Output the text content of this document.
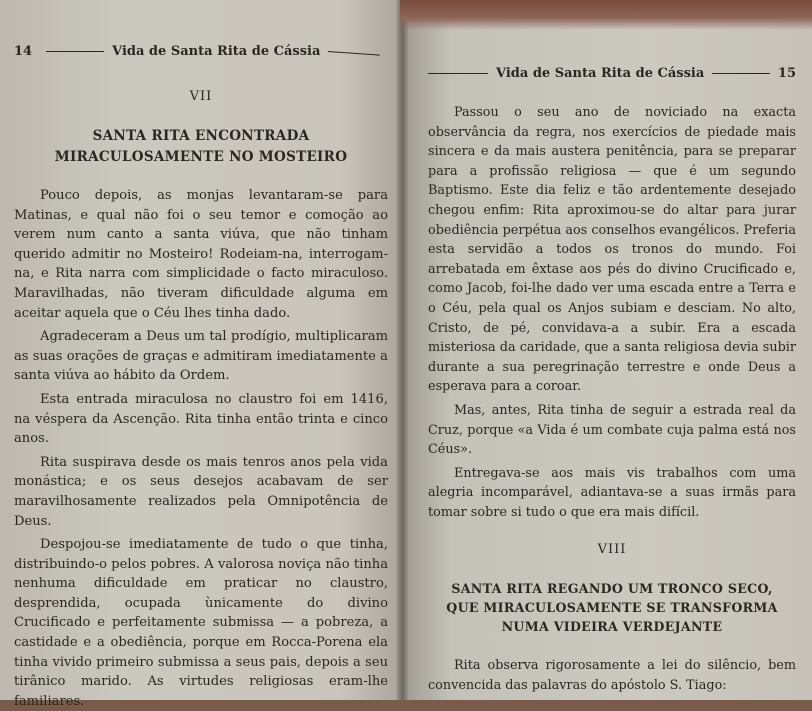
14	Vida de Santa Rita de Cássia
VII
SANTA RITA ENCONTRADA
MIRACULOSAMENTE NO MOSTEIRO

Pouco depois, as monjas levantaram-se para Matinas, e qual não foi o seu temor e comoção ao verem num canto a santa viúva, que não tinham querido admitir no Mosteiro! Rodeiam-na, interrogam-na, e Rita narra com simplicidade o facto miraculoso. Maravilhadas, não tiveram dificuldade alguma em aceitar aquela que o Céu lhes tinha dado.

Agradeceram a Deus um tal prodígio, multiplicaram as suas orações de graças e admitiram imediatamente a santa viúva ao hábito da Ordem.

Esta entrada miraculosa no claustro foi em 1416, na véspera da Ascenção. Rita tinha então trinta e cinco anos.

Rita suspirava desde os mais tenros anos pela vida monástica; e os seus desejos acabavam de ser maravilhosamente realizados pela Omnipotência de Deus.

Despojou-se imediatamente de tudo o que tinha, distribuindo-o pelos pobres. A valorosa noviça não tinha nenhuma dificuldade em praticar no claustro, desprendida, ocupada ùnicamente do divino Crucificado e perfeitamente submissa — a pobreza, a castidade e a obediência, porque em Rocca-Porena ela tinha vivido primeiro submissa a seus pais, depois a seu tirânico marido. As virtudes religiosas eram-lhe familiares.

Vida de Santa Rita de Cássia	15

Passou o seu ano de noviciado na exacta observância da regra, nos exercícios de piedade mais sincera e da mais austera penitência, para se preparar para a profissão religiosa — que é um segundo Baptismo. Este dia feliz e tão ardentemente desejado chegou enfim: Rita aproximou-se do altar para jurar obediência perpétua aos conselhos evangélicos. Preferia esta servidão a todos os tronos do mundo. Foi arrebatada em êxtase aos pés do divino Crucificado e, como Jacob, foi-lhe dado ver uma escada entre a Terra e o Céu, pela qual os Anjos subiam e desciam. No alto, Cristo, de pé, convidava-a a subir. Era a escada misteriosa da caridade, que a santa religiosa devia subir durante a sua peregrinação terrestre e onde Deus a esperava para a coroar.

Mas, antes, Rita tinha de seguir a estrada real da Cruz, porque «a Vida é um combate cuja palma está nos Céus».

Entregava-se aos mais vis trabalhos com uma alegria incomparável, adiantava-se a suas irmãs para tomar sobre si tudo o que era mais difícil.

VIII
SANTA RITA REGANDO UM TRONCO SECO,
QUE MIRACULOSAMENTE SE TRANSFORMA
NUMA VIDEIRA VERDEJANTE

Rita observa rigorosamente a lei do silêncio, bem convencida das palavras do apóstolo S. Tiago:
